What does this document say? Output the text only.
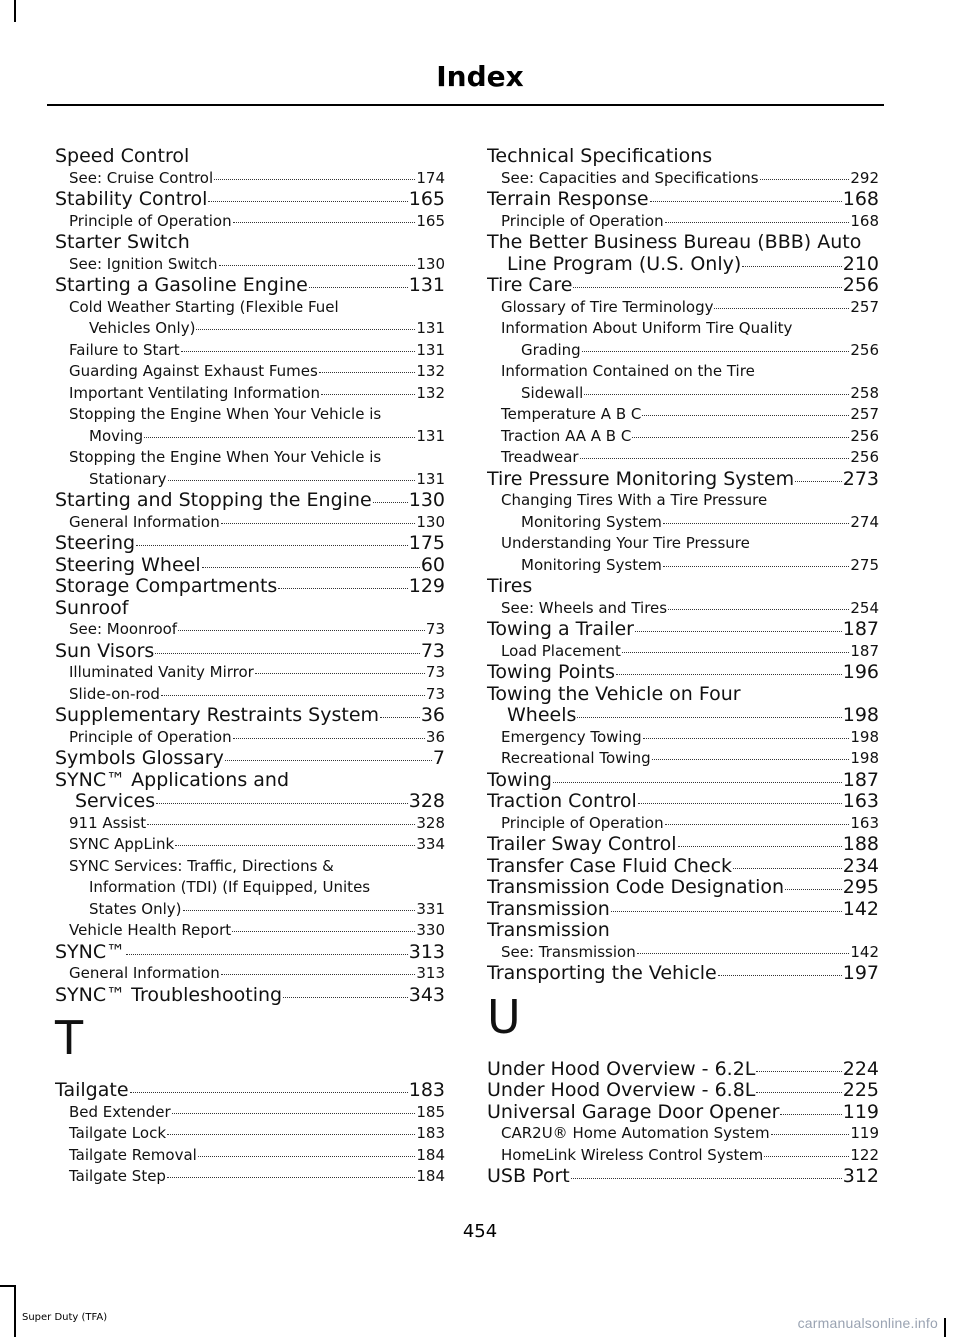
Index
Speed Control
See: Cruise Control	174
Stability Control	165
Principle of Operation	165
Starter Switch
See: Ignition Switch	130
Starting a Gasoline Engine	131
Cold Weather Starting (Flexible Fuel
Vehicles Only)	131
Failure to Start	131
Guarding Against Exhaust Fumes	132
Important Ventilating Information	132
Stopping the Engine When Your Vehicle is
Moving	131
Stopping the Engine When Your Vehicle is
Stationary	131
Starting and Stopping the Engine 130
General Information	130
Steering	175
Steering Wheel	60
Storage Compartments	129
Sunroof
See: Moonroof	73
Sun Visors	73
Illuminated Vanity Mirror	73
Slide-on-rod	73
Supplementary Restraints System 36
Principle of Operation	36
Symbols Glossary	7
SYNC™ Applications and
Services	328
911 Assist	328
SYNC AppLink	334
SYNC Services: Traffic, Directions &
Information (TDI) (If Equipped, Unites
States Only)	331
Vehicle Health Report	330
SYNC™	313
General Information	313
SYNC™ Troubleshooting	343
T
Tailgate	183
Bed Extender	185
Tailgate Lock	183
Tailgate Removal	184
Tailgate Step	184
Technical Specifications
See: Capacities and Specifications	292
Terrain Response	168
Principle of Operation	168
The Better Business Bureau (BBB) Auto
Line Program (U.S. Only)	210
Tire Care	256
Glossary of Tire Terminology	257
Information About Uniform Tire Quality
Grading	256
Information Contained on the Tire
Sidewall	258
Temperature A B C	257
Traction AA A B C	256
Treadwear	256
Tire Pressure Monitoring System	273
Changing Tires With a Tire Pressure
Monitoring System	274
Understanding Your Tire Pressure
Monitoring System	275
Tires
See: Wheels and Tires	254
Towing a Trailer	187
Load Placement	187
Towing Points	196
Towing the Vehicle on Four
Wheels	198
Emergency Towing	198
Recreational Towing	198
Towing	187
Traction Control	163
Principle of Operation	163
Trailer Sway Control	188
Transfer Case Fluid Check	234
Transmission Code Designation	295
Transmission	142
Transmission
See: Transmission	142
Transporting the Vehicle	197
U
Under Hood Overview - 6.2L	224
Under Hood Overview - 6.8L	225
Universal Garage Door Opener	119
CAR2U® Home Automation System	119
HomeLink Wireless Control System	122
USB Port	312
454
Super Duty (TFA)	carmanualsonline.info
